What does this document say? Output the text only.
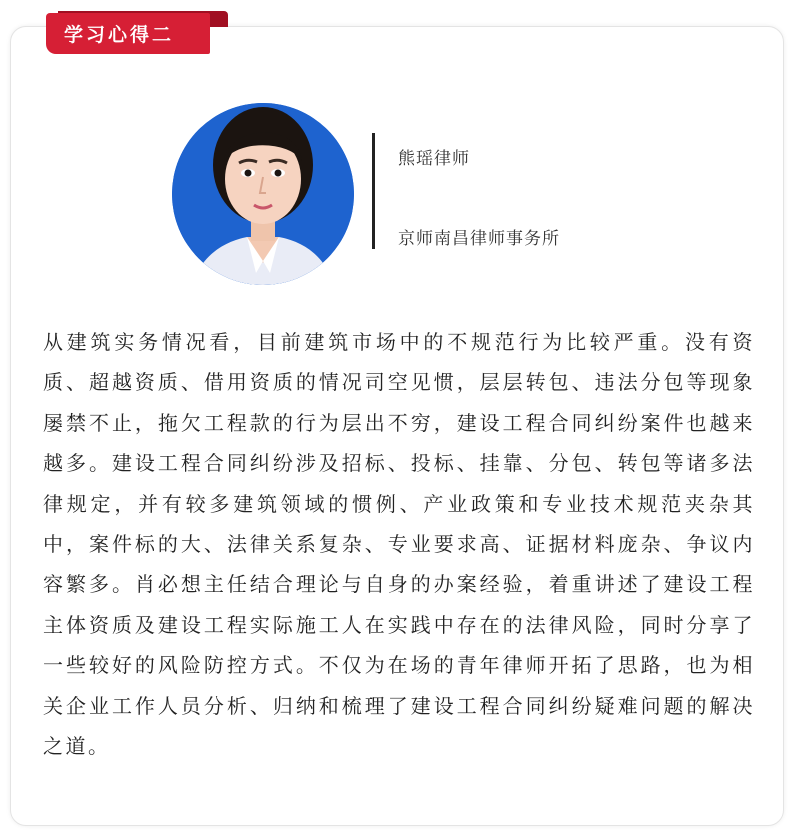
学习心得二
熊瑶律师
京师南昌律师事务所

从建筑实务情况看，目前建筑市场中的不规范行为比较严重。没有资质、超越资质、借用资质的情况司空见惯，层层转包、违法分包等现象屡禁不止，拖欠工程款的行为层出不穷，建设工程合同纠纷案件也越来越多。建设工程合同纠纷涉及招标、投标、挂靠、分包、转包等诸多法律规定，并有较多建筑领域的惯例、产业政策和专业技术规范夹杂其中，案件标的大、法律关系复杂、专业要求高、证据材料庞杂、争议内容繁多。肖必想主任结合理论与自身的办案经验，着重讲述了建设工程主体资质及建设工程实际施工人在实践中存在的法律风险，同时分享了一些较好的风险防控方式。不仅为在场的青年律师开拓了思路，也为相关企业工作人员分析、归纳和梳理了建设工程合同纠纷疑难问题的解决之道。
